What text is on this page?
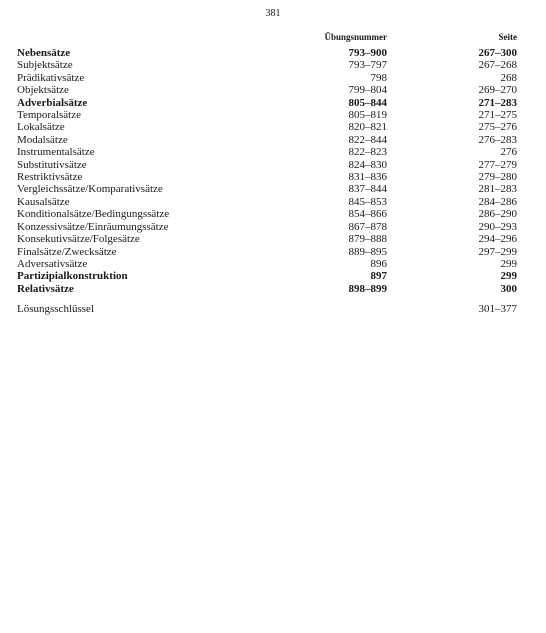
381
	Übungsnummer	Seite

Nebensätze	793–900	267–300
Subjektsätze	793–797	267–268
Prädikativsätze	798	268
Objektsätze	799–804	269–270
Adverbialsätze	805–844	271–283
Temporalsätze	805–819	271–275
Lokalsätze	820–821	275–276
Modalsätze	822–844	276–283
Instrumentalsätze	822–823	276
Substitutivsätze	824–830	277–279
Restriktivsätze	831–836	279–280
Vergleichssätze/Komparativsätze	837–844	281–283
Kausalsätze	845–853	284–286
Konditionalsätze/Bedingungssätze	854–866	286–290
Konzessivsätze/Einräumungssätze	867–878	290–293
Konsekutivsätze/Folgesätze	879–888	294–296
Finalsätze/Zwecksätze	889–895	297–299
Adversativsätze	896	299
Partizipialkonstruktion	897	299
Relativsätze	898–899	300

Lösungsschlüssel		301–377
